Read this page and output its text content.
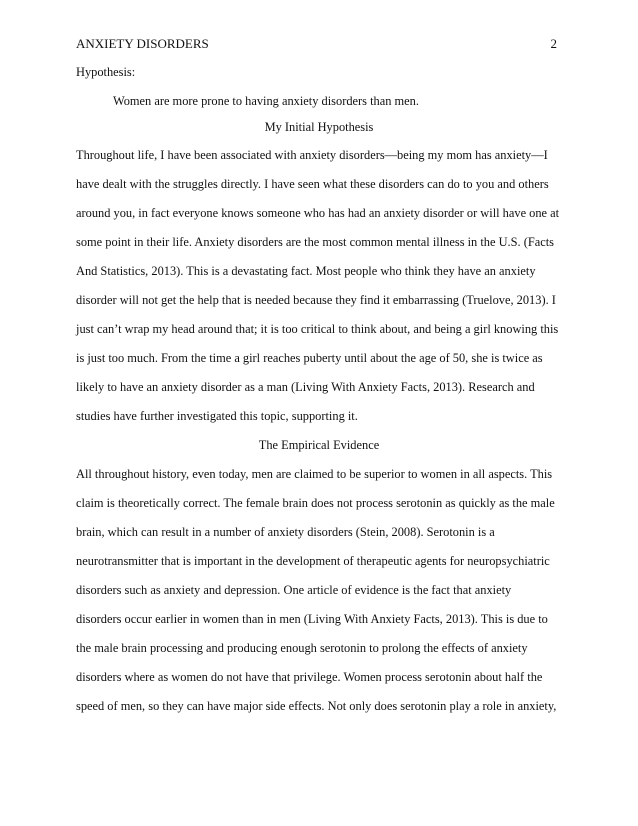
ANXIETY DISORDERS	2
Hypothesis:
Women are more prone to having anxiety disorders than men.
My Initial Hypothesis
Throughout life, I have been associated with anxiety disorders—being my mom has anxiety—I
have dealt with the struggles directly. I have seen what these disorders can do to you and others
around you, in fact everyone knows someone who has had an anxiety disorder or will have one at
some point in their life. Anxiety disorders are the most common mental illness in the U.S. (Facts
And Statistics, 2013). This is a devastating fact. Most people who think they have an anxiety
disorder will not get the help that is needed because they find it embarrassing (Truelove, 2013). I
just can’t wrap my head around that; it is too critical to think about, and being a girl knowing this
is just too much. From the time a girl reaches puberty until about the age of 50, she is twice as
likely to have an anxiety disorder as a man (Living With Anxiety Facts, 2013). Research and
studies have further investigated this topic, supporting it.
The Empirical Evidence
All throughout history, even today, men are claimed to be superior to women in all aspects. This
claim is theoretically correct. The female brain does not process serotonin as quickly as the male
brain, which can result in a number of anxiety disorders (Stein, 2008). Serotonin is a
neurotransmitter that is important in the development of therapeutic agents for neuropsychiatric
disorders such as anxiety and depression. One article of evidence is the fact that anxiety
disorders occur earlier in women than in men (Living With Anxiety Facts, 2013). This is due to
the male brain processing and producing enough serotonin to prolong the effects of anxiety
disorders where as women do not have that privilege. Women process serotonin about half the
speed of men, so they can have major side effects. Not only does serotonin play a role in anxiety,
